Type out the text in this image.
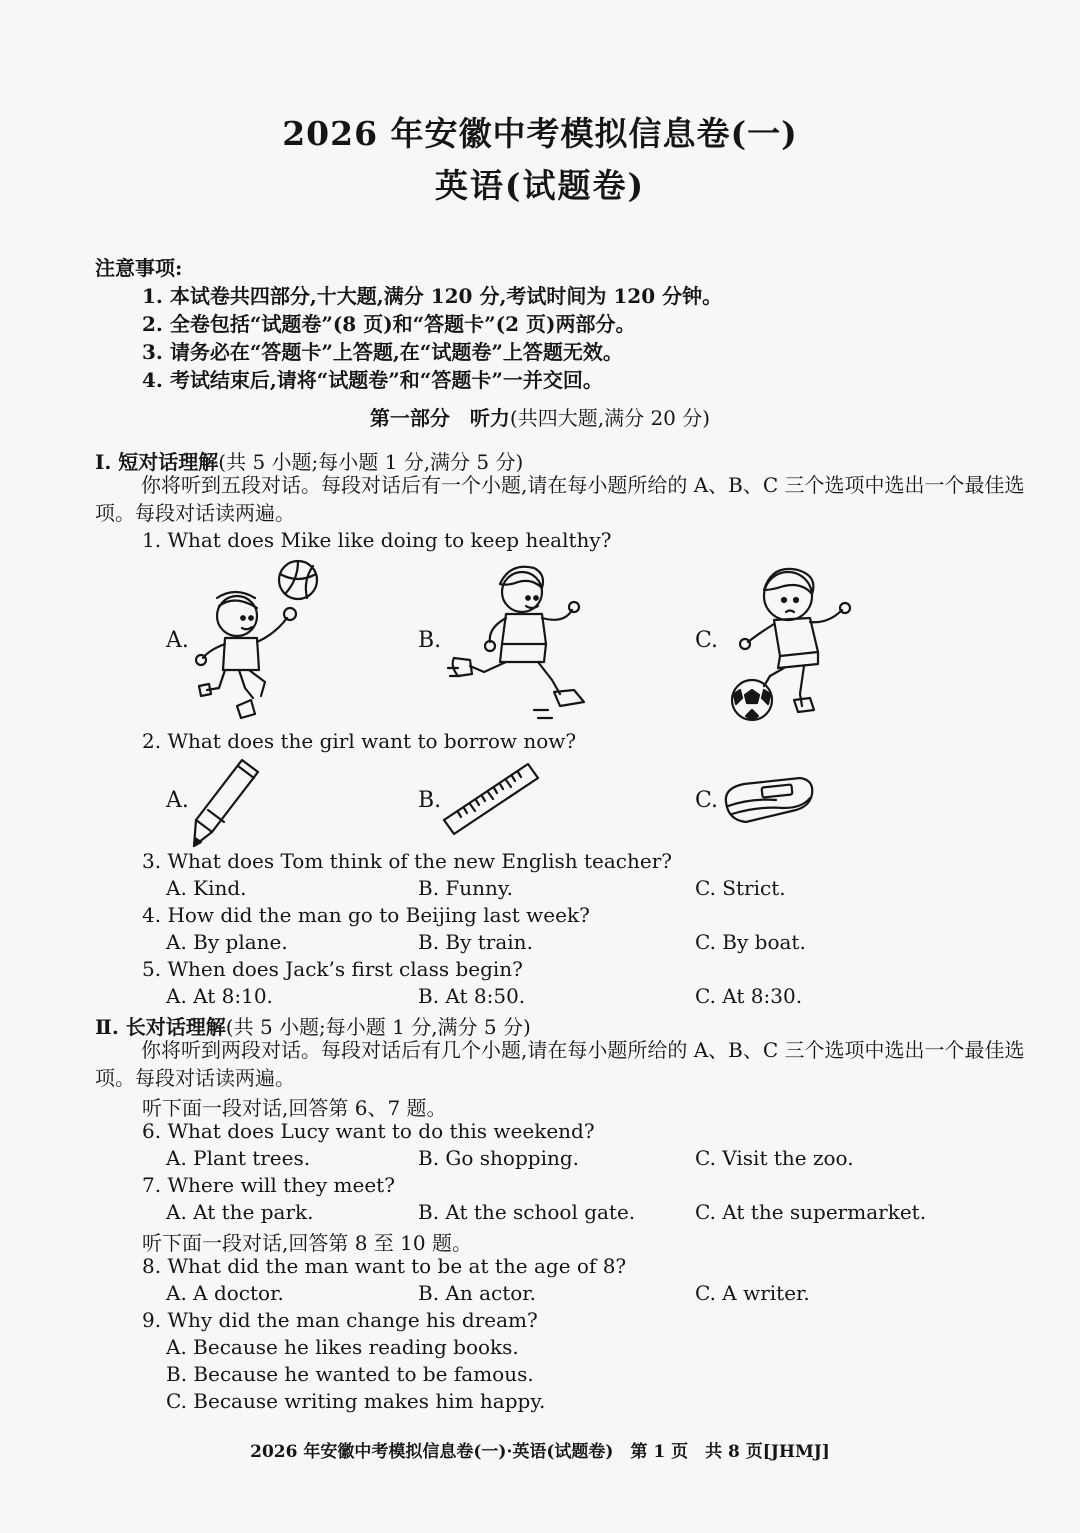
2026 年安徽中考模拟信息卷(一)
英语(试题卷)
注意事项:
1. 本试卷共四部分,十大题,满分 120 分,考试时间为 120 分钟。
2. 全卷包括“试题卷”(8 页)和“答题卡”(2 页)两部分。
3. 请务必在“答题卡”上答题,在“试题卷”上答题无效。
4. 考试结束后,请将“试题卷”和“答题卡”一并交回。
第一部分　听力(共四大题,满分 20 分)
Ⅰ. 短对话理解(共 5 小题;每小题 1 分,满分 5 分)
你将听到五段对话。每段对话后有一个小题,请在每小题所给的 A、B、C 三个选项中选出一个最佳选项。每段对话读两遍。
1. What does Mike like doing to keep healthy?
A.	B.	C.
2. What does the girl want to borrow now?
A.	B.	C.
3. What does Tom think of the new English teacher?
A. Kind.	B. Funny.	C. Strict.
4. How did the man go to Beijing last week?
A. By plane.	B. By train.	C. By boat.
5. When does Jack’s first class begin?
A. At 8:10.	B. At 8:50.	C. At 8:30.
Ⅱ. 长对话理解(共 5 小题;每小题 1 分,满分 5 分)
你将听到两段对话。每段对话后有几个小题,请在每小题所给的 A、B、C 三个选项中选出一个最佳选项。每段对话读两遍。
听下面一段对话,回答第 6、7 题。
6. What does Lucy want to do this weekend?
A. Plant trees.	B. Go shopping.	C. Visit the zoo.
7. Where will they meet?
A. At the park.	B. At the school gate.	C. At the supermarket.
听下面一段对话,回答第 8 至 10 题。
8. What did the man want to be at the age of 8?
A. A doctor.	B. An actor.	C. A writer.
9. Why did the man change his dream?
A. Because he likes reading books.
B. Because he wanted to be famous.
C. Because writing makes him happy.
2026 年安徽中考模拟信息卷(一)·英语(试题卷)　第 1 页　共 8 页[JHMJ]
